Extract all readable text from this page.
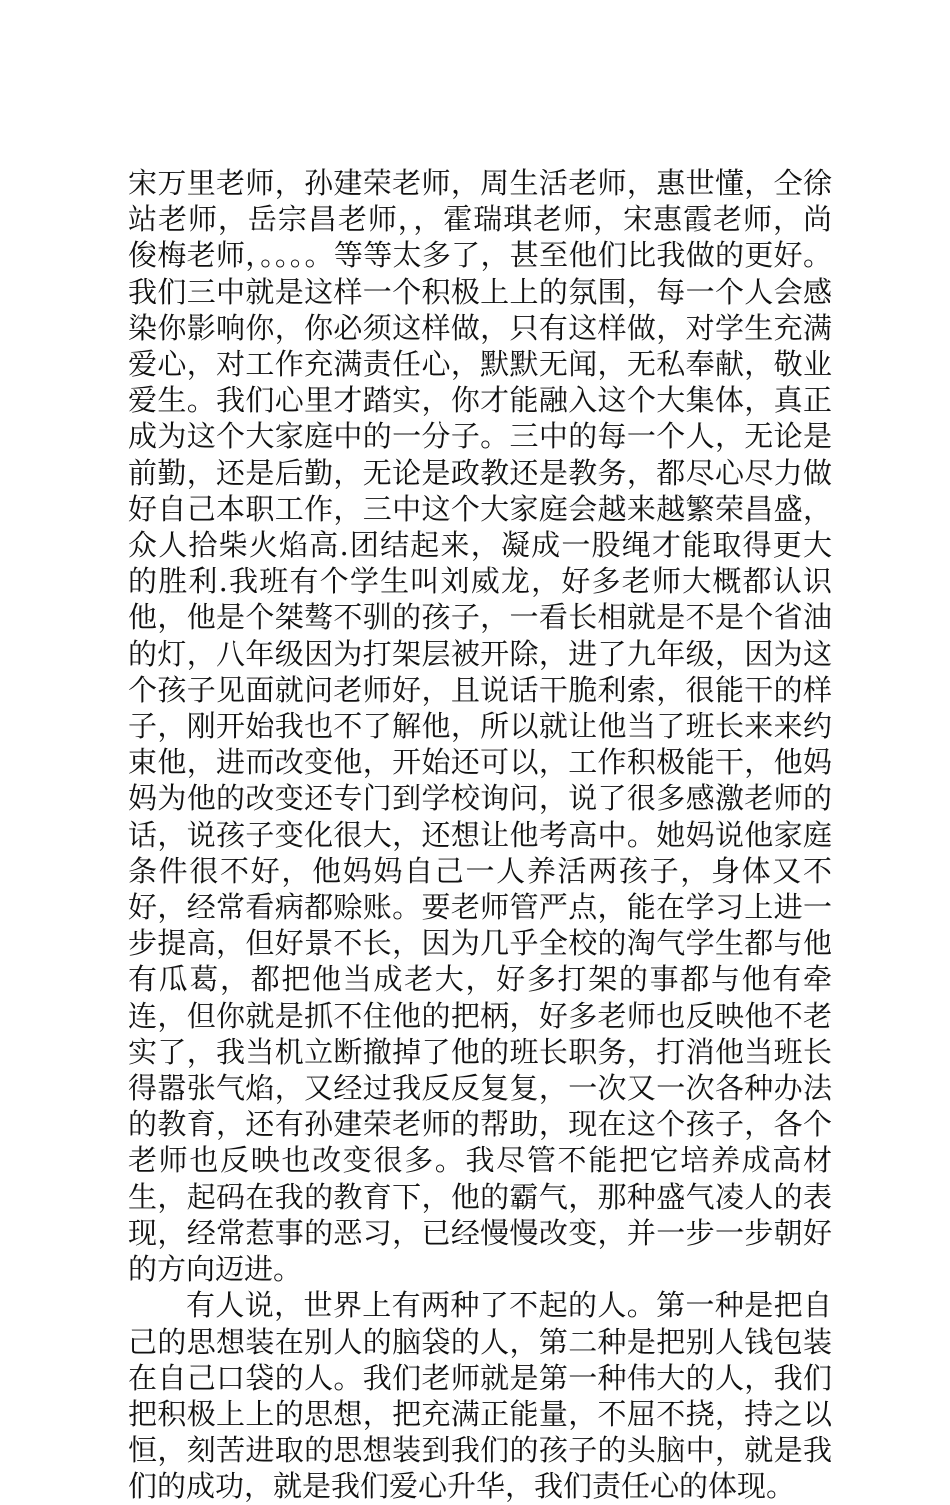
宋万里老师，孙建荣老师，周生活老师，惠世懂，仝徐站老师，岳宗昌老师，，霍瑞琪老师，宋惠霞老师，尚俊梅老师，。。。。等等太多了，甚至他们比我做的更好。我们三中就是这样一个积极上上的氛围，每一个人会感染你影响你，你必须这样做，只有这样做，对学生充满爱心，对工作充满责任心，默默无闻，无私奉献，敬业爱生。我们心里才踏实，你才能融入这个大集体，真正成为这个大家庭中的一分子。三中的每一个人，无论是前勤，还是后勤，无论是政教还是教务，都尽心尽力做好自己本职工作，三中这个大家庭会越来越繁荣昌盛，众人拾柴火焰高.团结起来，凝成一股绳才能取得更大的胜利.我班有个学生叫刘威龙，好多老师大概都认识他，他是个桀骜不驯的孩子，一看长相就是不是个省油的灯，八年级因为打架层被开除，进了九年级，因为这个孩子见面就问老师好，且说话干脆利索，很能干的样子，刚开始我也不了解他，所以就让他当了班长来来约束他，进而改变他，开始还可以，工作积极能干，他妈妈为他的改变还专门到学校询问，说了很多感激老师的话，说孩子变化很大，还想让他考高中。她妈说他家庭条件很不好，他妈妈自己一人养活两孩子，身体又不好，经常看病都赊账。要老师管严点，能在学习上进一步提高，但好景不长，因为几乎全校的淘气学生都与他有瓜葛，都把他当成老大，好多打架的事都与他有牵连，但你就是抓不住他的把柄，好多老师也反映他不老实了，我当机立断撤掉了他的班长职务，打消他当班长得嚣张气焰，又经过我反反复复，一次又一次各种办法的教育，还有孙建荣老师的帮助，现在这个孩子，各个老师也反映也改变很多。我尽管不能把它培养成高材生，起码在我的教育下，他的霸气，那种盛气凌人的表现，经常惹事的恶习，已经慢慢改变，并一步一步朝好的方向迈进。

有人说，世界上有两种了不起的人。第一种是把自己的思想装在别人的脑袋的人，第二种是把别人钱包装在自己口袋的人。我们老师就是第一种伟大的人，我们把积极上上的思想，把充满正能量，不屈不挠，持之以恒，刻苦进取的思想装到我们的孩子的头脑中，就是我们的成功，就是我们爱心升华，我们责任心的体现。
